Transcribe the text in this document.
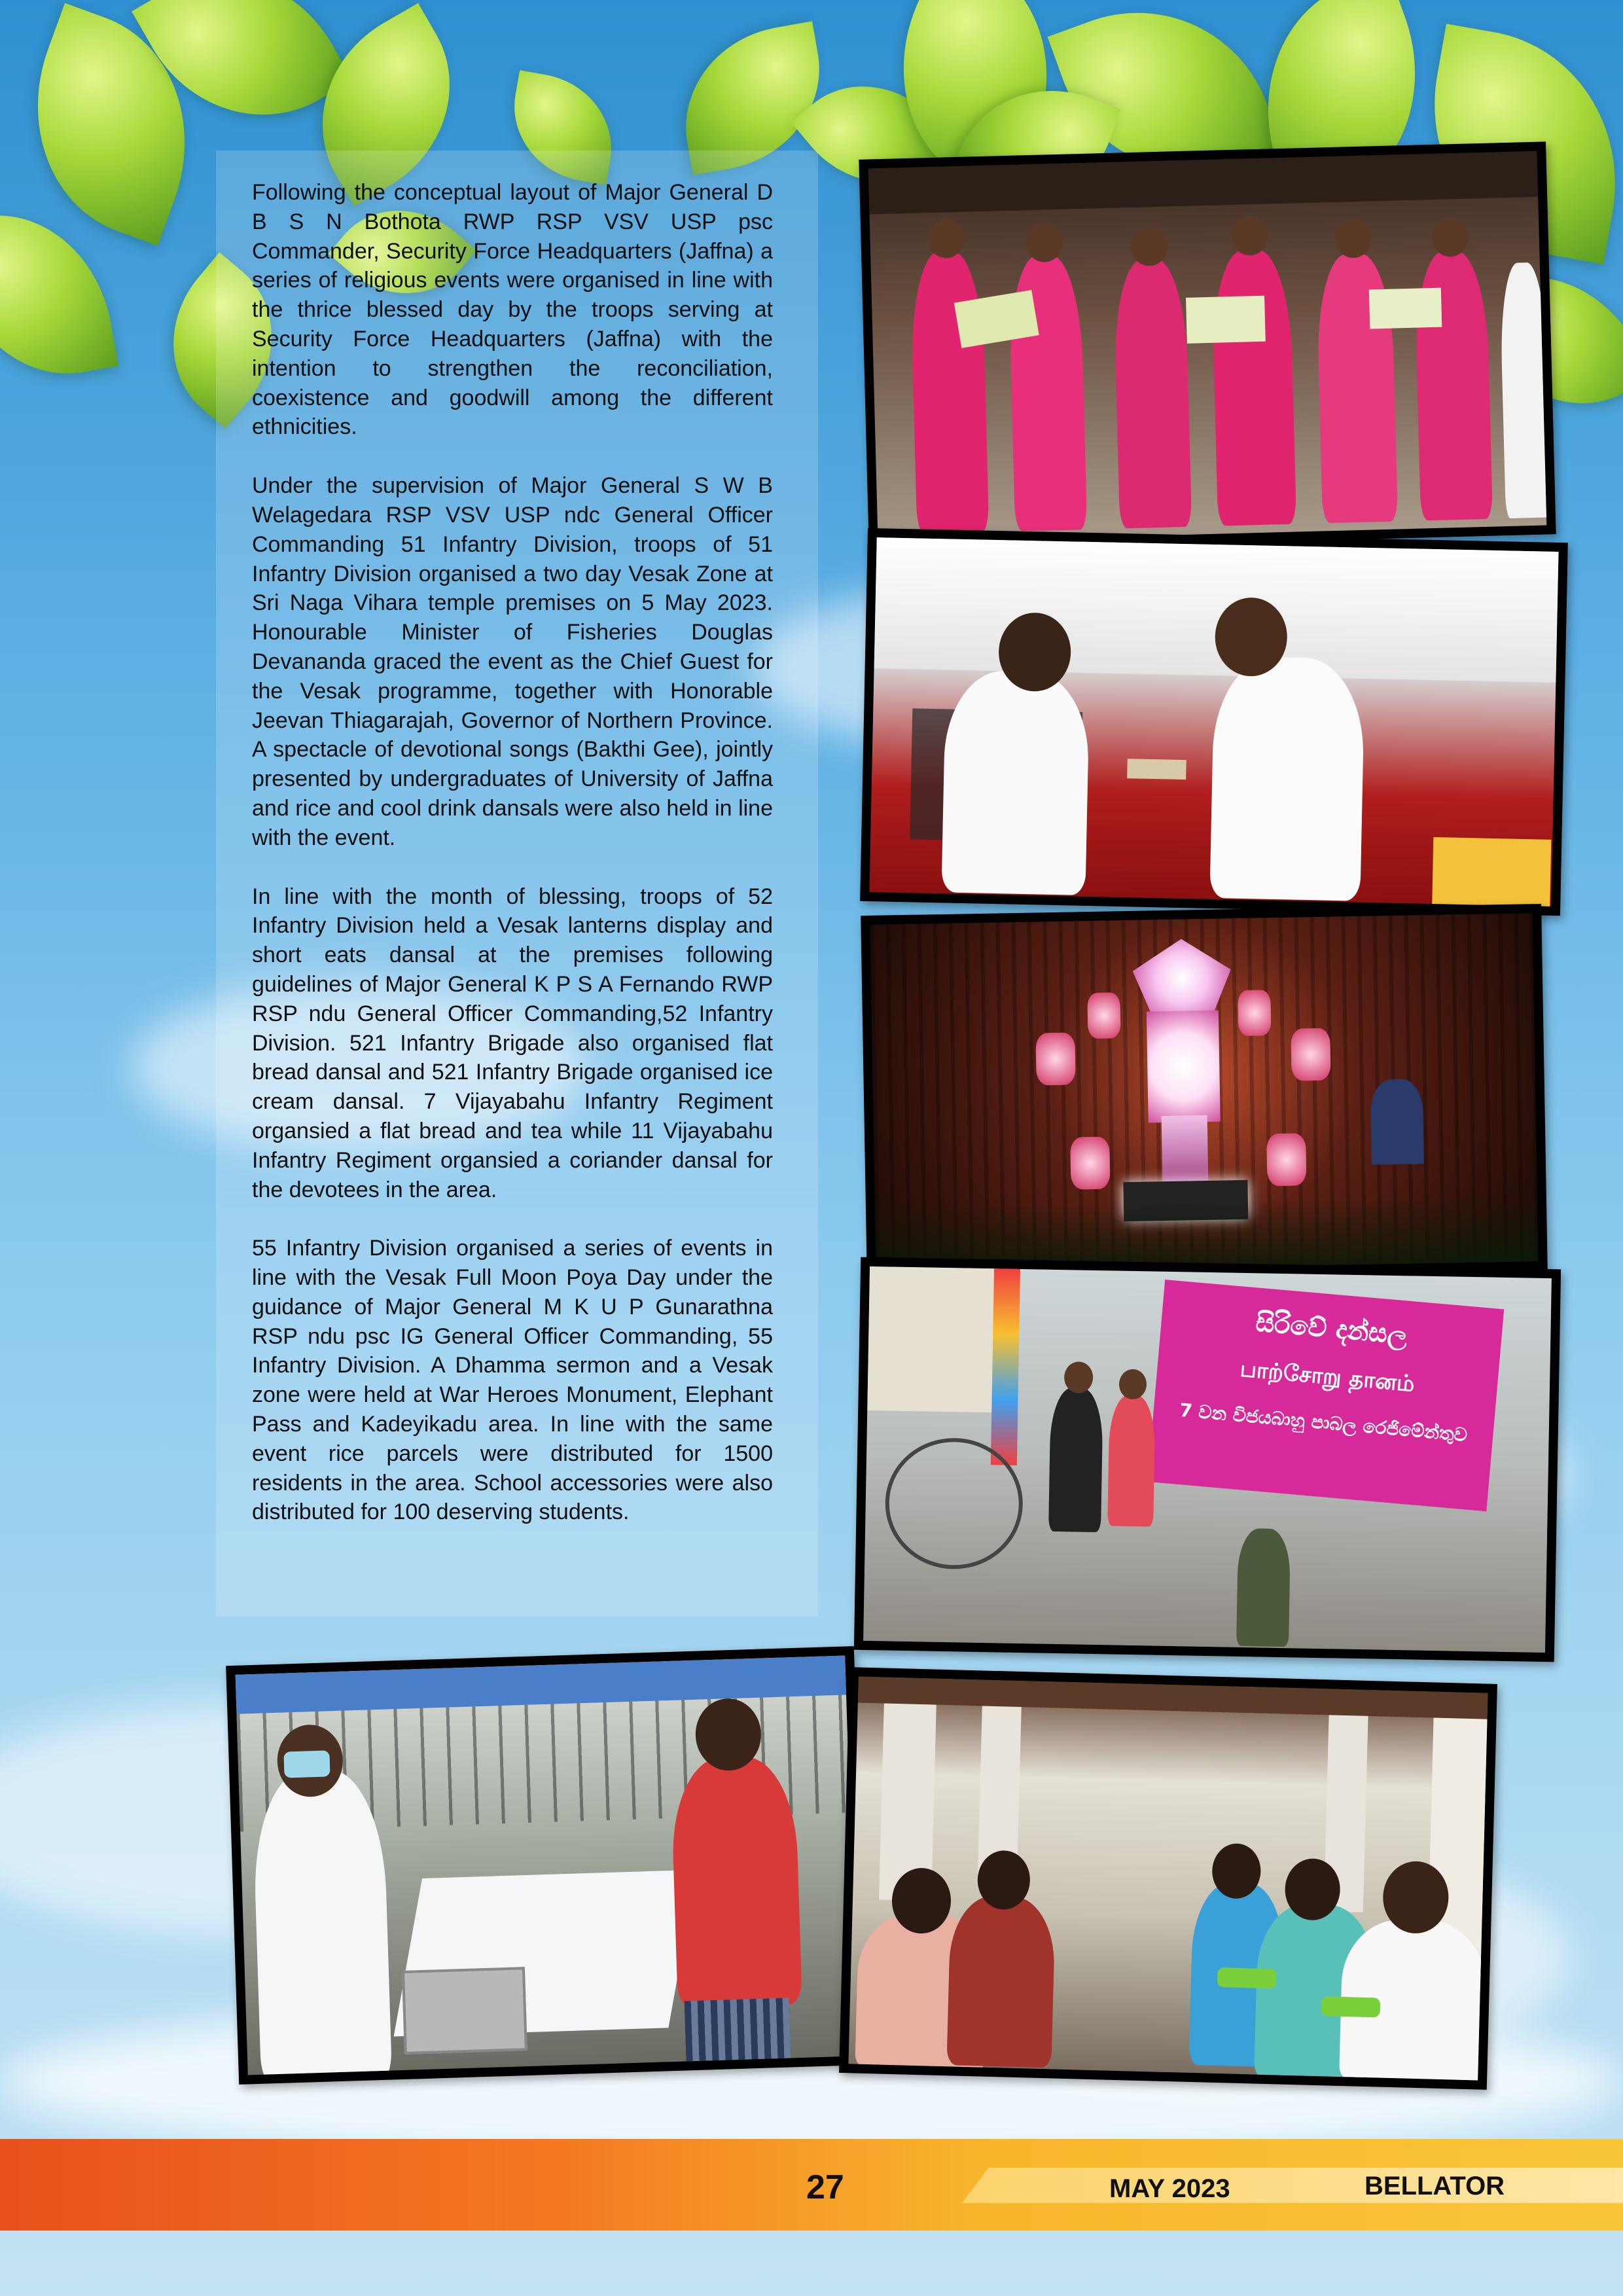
Following the conceptual layout of Major General D B S N Bothota RWP RSP VSV USP psc Commander, Security Force Headquarters (Jaffna) a series of religious events were organised in line with the thrice blessed day by the troops serving at Security Force Headquarters (Jaffna) with the intention to strengthen the reconciliation, coexistence and goodwill among the different ethnicities.

Under the supervision of Major General S W B Welagedara RSP VSV USP ndc General Officer Commanding 51 Infantry Division, troops of 51 Infantry Division organised a two day Vesak Zone at Sri Naga Vihara temple premises on 5 May 2023. Honourable Minister of Fisheries Douglas Devananda graced the event as the Chief Guest for the Vesak programme, together with Honorable Jeevan Thiagarajah, Governor of Northern Province. A spectacle of devotional songs (Bakthi Gee), jointly presented by undergraduates of University of Jaffna and rice and cool drink dansals were also held in line with the event.

In line with the month of blessing, troops of 52 Infantry Division held a Vesak lanterns display and short eats dansal at the premises following guidelines of Major General K P S A Fernando RWP RSP ndu General Officer Commanding,52 Infantry Division. 521 Infantry Brigade also organised flat bread dansal and 521 Infantry Brigade organised ice cream dansal. 7 Vijayabahu Infantry Regiment organsied a flat bread and tea while 11 Vijayabahu Infantry Regiment organsied a coriander dansal for the devotees in the area.

55 Infantry Division organised a series of events in line with the Vesak Full Moon Poya Day under the guidance of Major General M K U P Gunarathna RSP ndu psc IG General Officer Commanding, 55 Infantry Division. A Dhamma sermon and a Vesak zone were held at War Heroes Monument, Elephant Pass and Kadeyikadu area. In line with the same event rice parcels were distributed for 1500 residents in the area. School accessories were also distributed for 100 deserving students.

සිරිවේ දන්සල
பாற்சோறு தானம்
7 වන විජයබාහු පාබල රෙජිමේන්තුව
27	MAY 2023	BELLATOR
